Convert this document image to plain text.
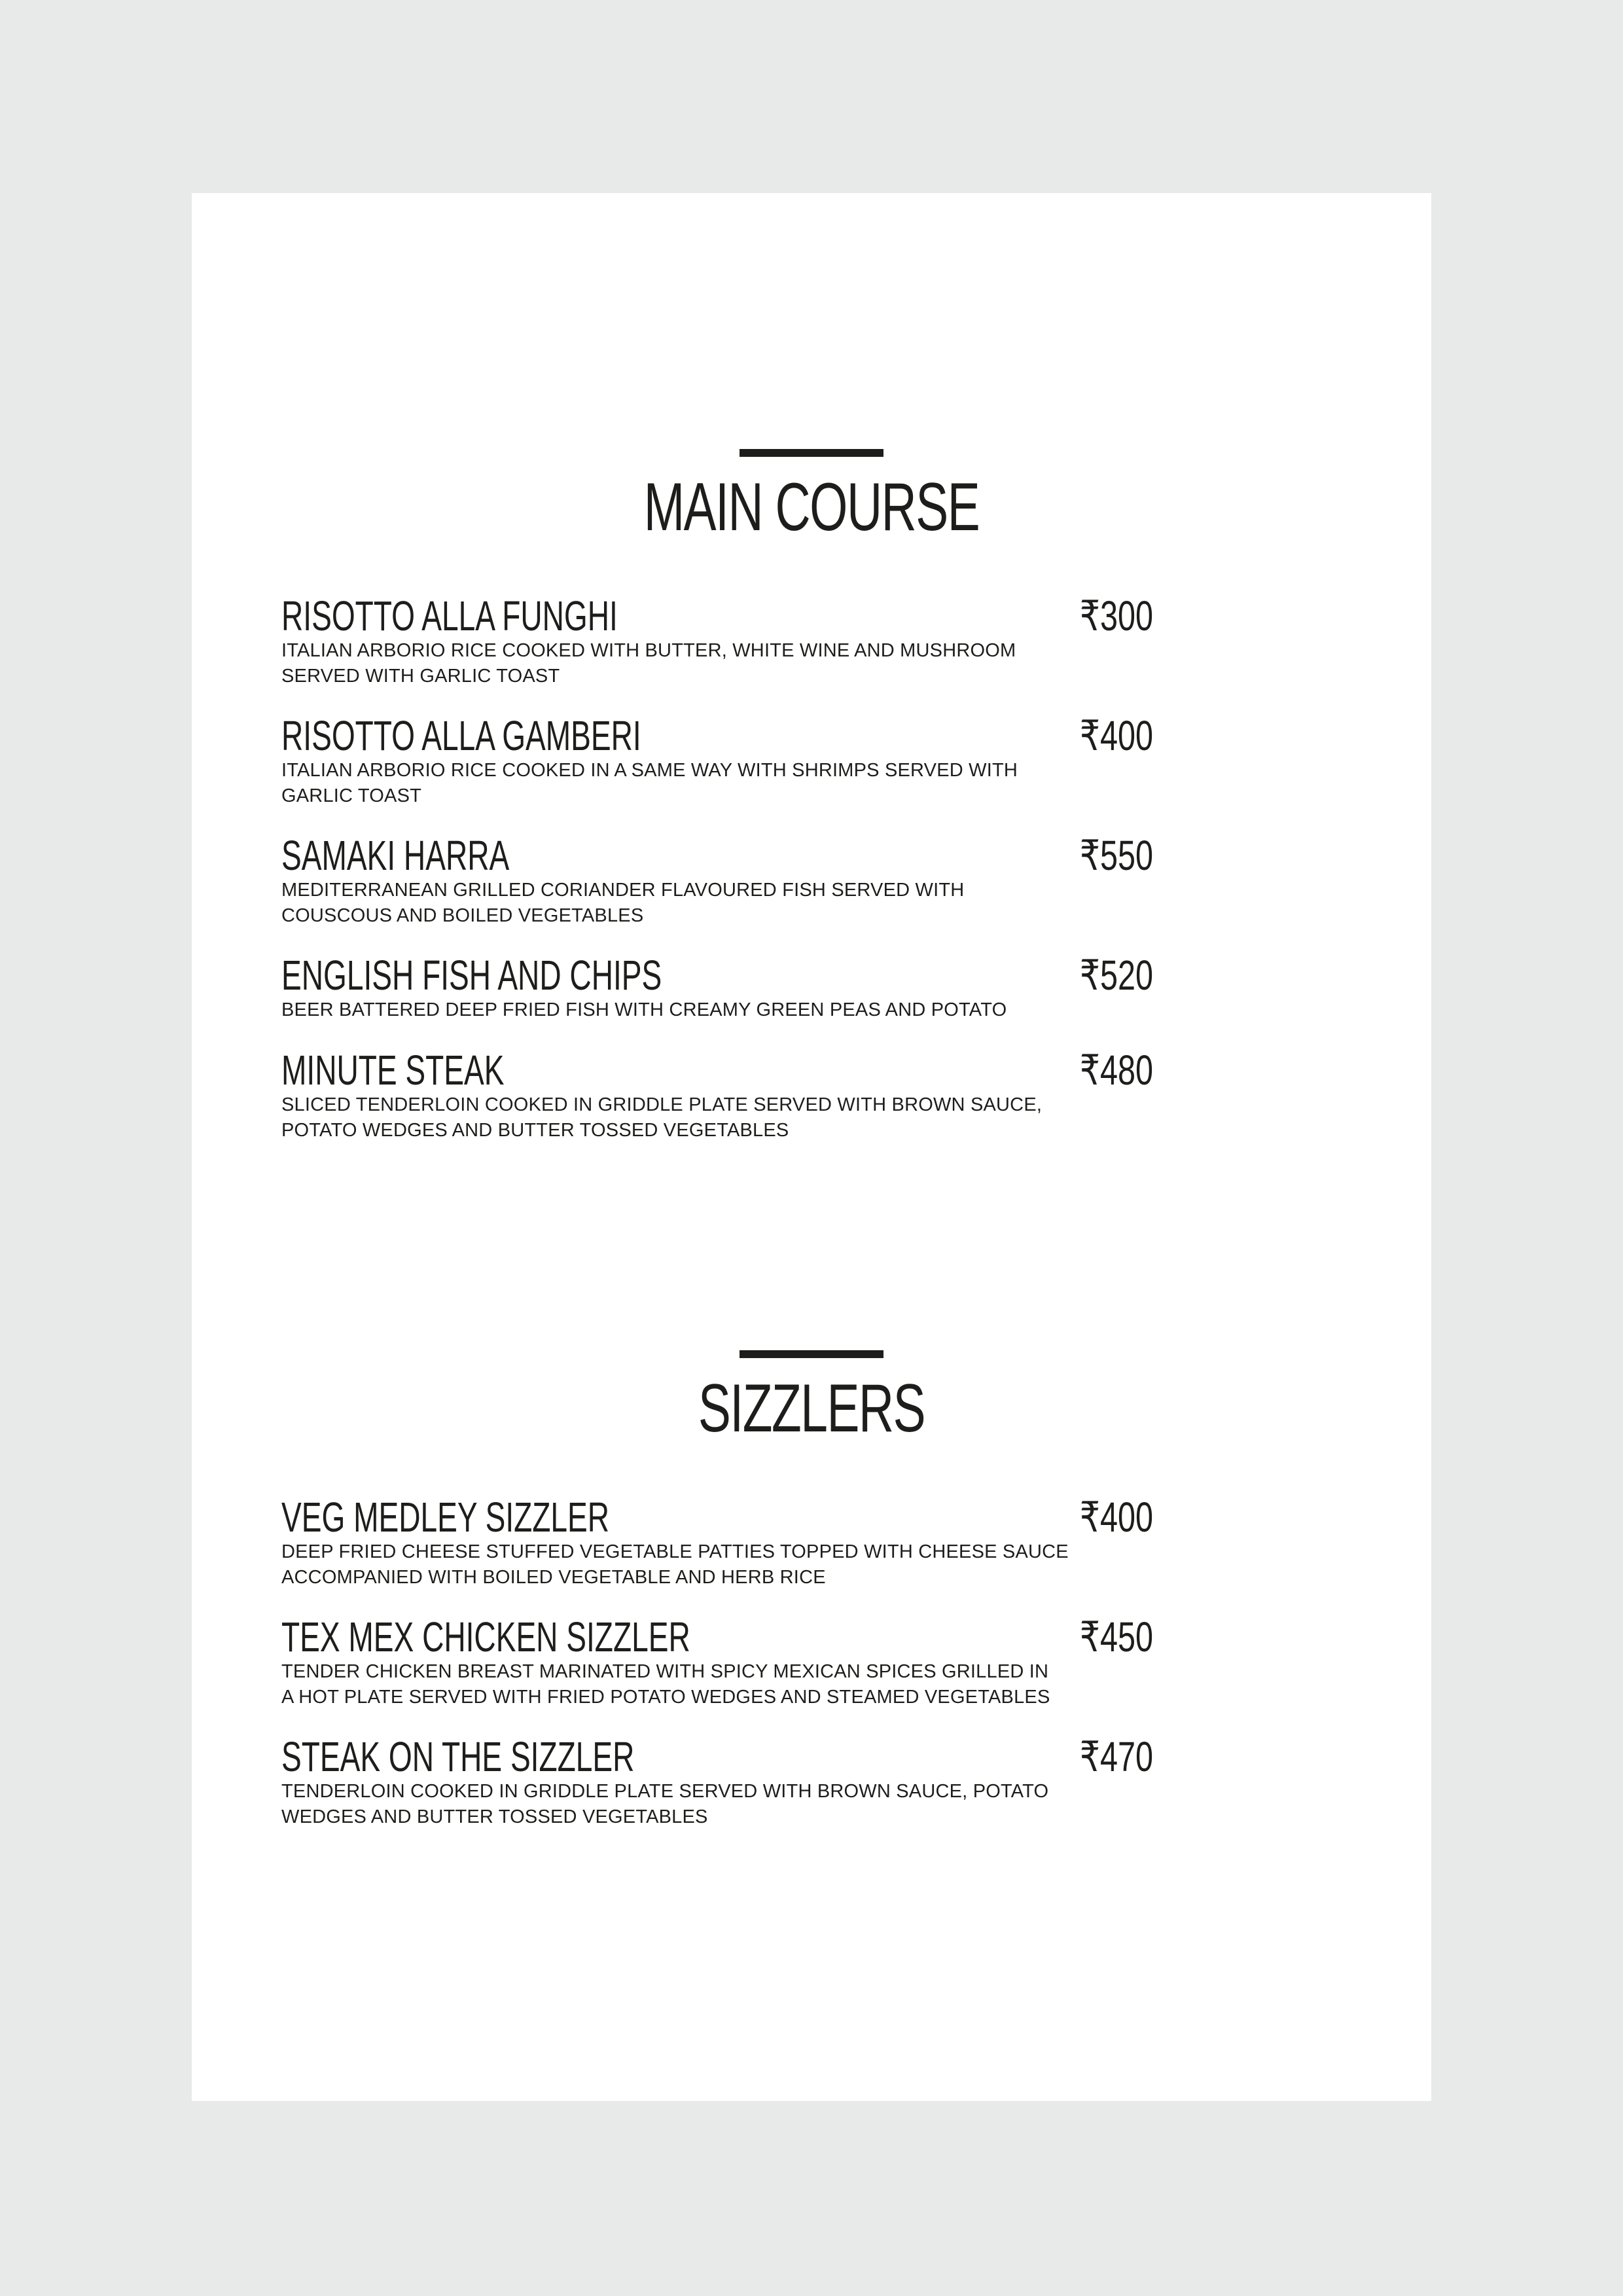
MAIN COURSE
RISOTTO ALLA FUNGHI	₹300
ITALIAN ARBORIO RICE COOKED WITH BUTTER, WHITE WINE AND MUSHROOM
SERVED WITH GARLIC TOAST
RISOTTO ALLA GAMBERI	₹400
ITALIAN ARBORIO RICE COOKED IN A SAME WAY WITH SHRIMPS SERVED WITH
GARLIC TOAST
SAMAKI HARRA	₹550
MEDITERRANEAN GRILLED CORIANDER FLAVOURED FISH SERVED WITH
COUSCOUS AND BOILED VEGETABLES
ENGLISH FISH AND CHIPS	₹520
BEER BATTERED DEEP FRIED FISH WITH CREAMY GREEN PEAS AND POTATO
MINUTE STEAK	₹480
SLICED TENDERLOIN COOKED IN GRIDDLE PLATE SERVED WITH BROWN SAUCE,
POTATO WEDGES AND BUTTER TOSSED VEGETABLES
SIZZLERS
VEG MEDLEY SIZZLER	₹400
DEEP FRIED CHEESE STUFFED VEGETABLE PATTIES TOPPED WITH CHEESE SAUCE
ACCOMPANIED WITH BOILED VEGETABLE AND HERB RICE
TEX MEX CHICKEN SIZZLER	₹450
TENDER CHICKEN BREAST MARINATED WITH SPICY MEXICAN SPICES GRILLED IN
A HOT PLATE SERVED WITH FRIED POTATO WEDGES AND STEAMED VEGETABLES
STEAK ON THE SIZZLER	₹470
TENDERLOIN COOKED IN GRIDDLE PLATE SERVED WITH BROWN SAUCE, POTATO
WEDGES AND BUTTER TOSSED VEGETABLES
